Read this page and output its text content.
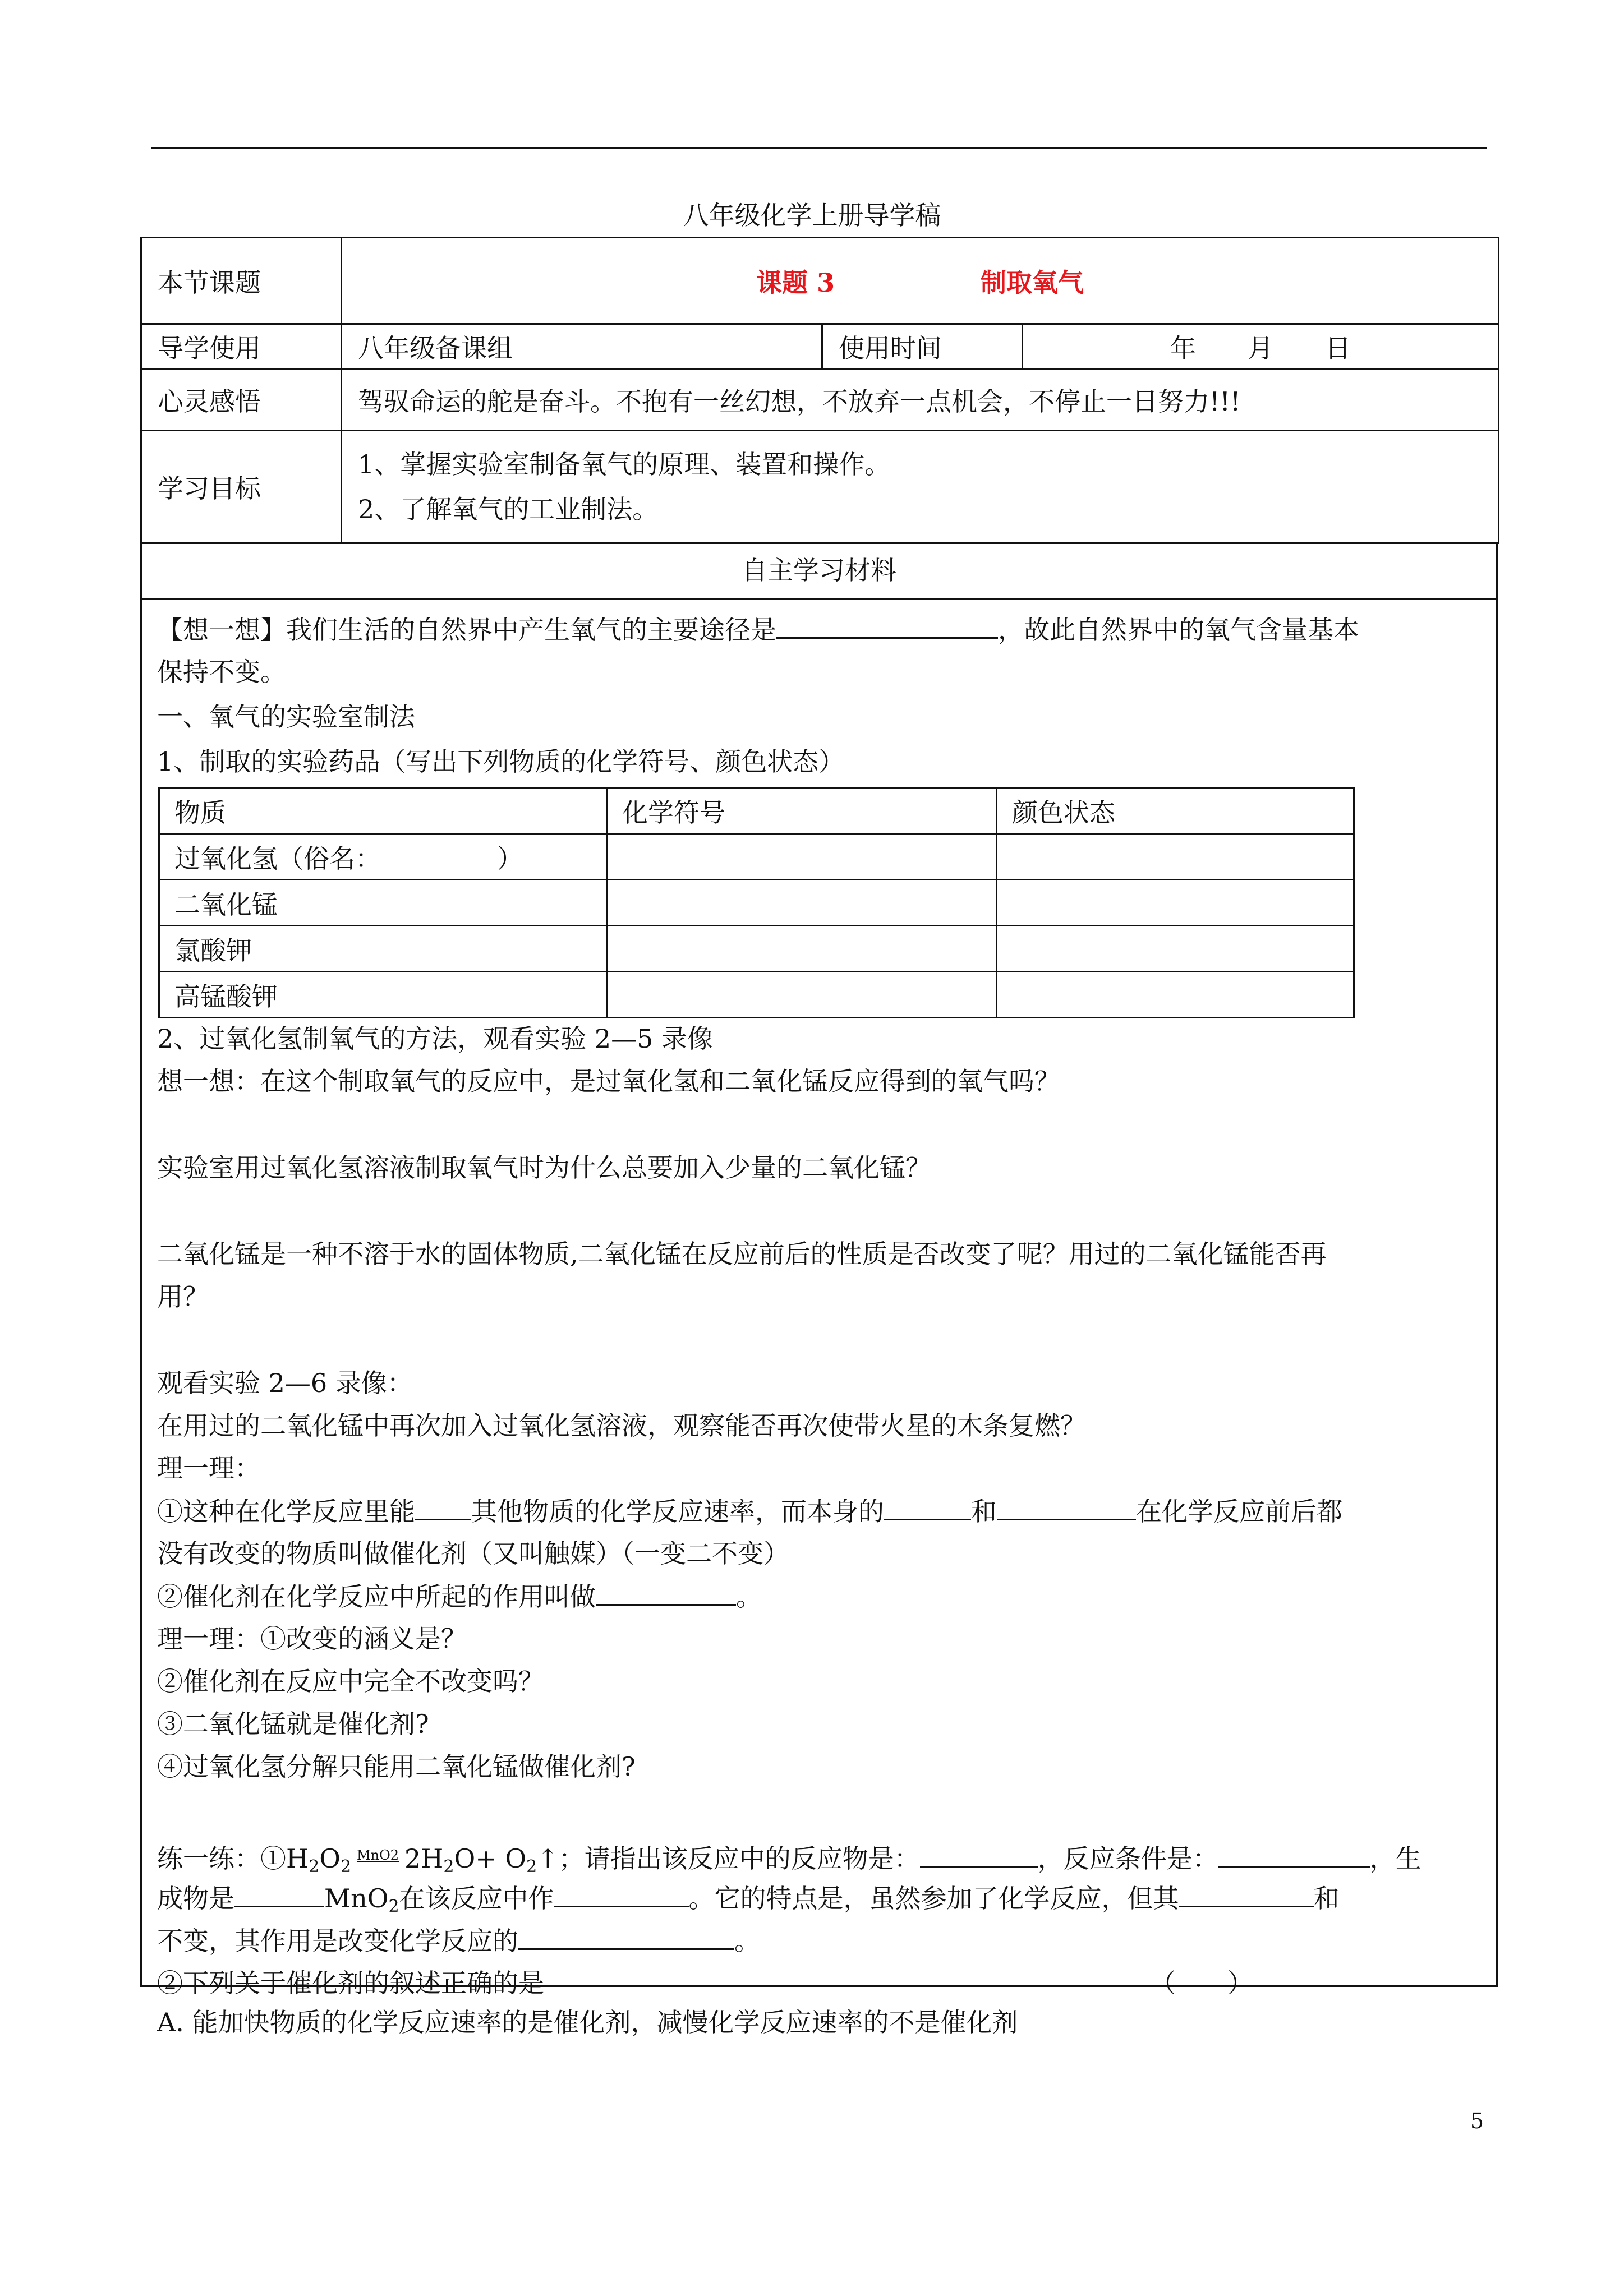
八年级化学上册导学稿
本节课题	课题 3 制取氧气		
导学使用	八年级备课组	使用时间	年　　月　　日
心灵感悟	驾驭命运的舵是奋斗。不抱有一丝幻想，不放弃一点机会，不停止一日努力!!!		
学习目标	1、掌握实验室制备氧气的原理、装置和操作。
2、了解氧气的工业制法。		
自主学习材料
【想一想】我们生活的自然界中产生氧气的主要途径是	，故此自然界中的氧气含量基本
保持不变。
一、氧气的实验室制法
1、制取的实验药品（写出下列物质的化学符号、颜色状态）
物质	化学符号	颜色状态
过氧化氢（俗名：　　　　　）		
二氧化锰		
氯酸钾		
高锰酸钾		
2、过氧化氢制氧气的方法，观看实验 2—5 录像
想一想：在这个制取氧气的反应中，是过氧化氢和二氧化锰反应得到的氧气吗？
实验室用过氧化氢溶液制取氧气时为什么总要加入少量的二氧化锰？
二氧化锰是一种不溶于水的固体物质,二氧化锰在反应前后的性质是否改变了呢？用过的二氧化锰能否再
用？
观看实验 2—6 录像：
在用过的二氧化锰中再次加入过氧化氢溶液，观察能否再次使带火星的木条复燃？
理一理：
①这种在化学反应里能 其他物质的化学反应速率，而本身的	和	在化学反应前后都
没有改变的物质叫做催化剂（又叫触媒）（一变二不变）
②催化剂在化学反应中所起的作用叫做	。
理一理：①改变的涵义是？
②催化剂在反应中完全不改变吗？
③二氧化锰就是催化剂?
④过氧化氢分解只能用二氧化锰做催化剂?
练一练：①H2O2MnO2 2H2O+ O2↑；请指出该反应中的反应物是：	，反应条件是：	，生
成物是	MnO2在该反应中作	。它的特点是，虽然参加了化学反应，但其	和
不变，其作用是改变化学反应的	。
②下列关于催化剂的叙述正确的是	（　　）
A. 能加快物质的化学反应速率的是催化剂，减慢化学反应速率的不是催化剂
5
